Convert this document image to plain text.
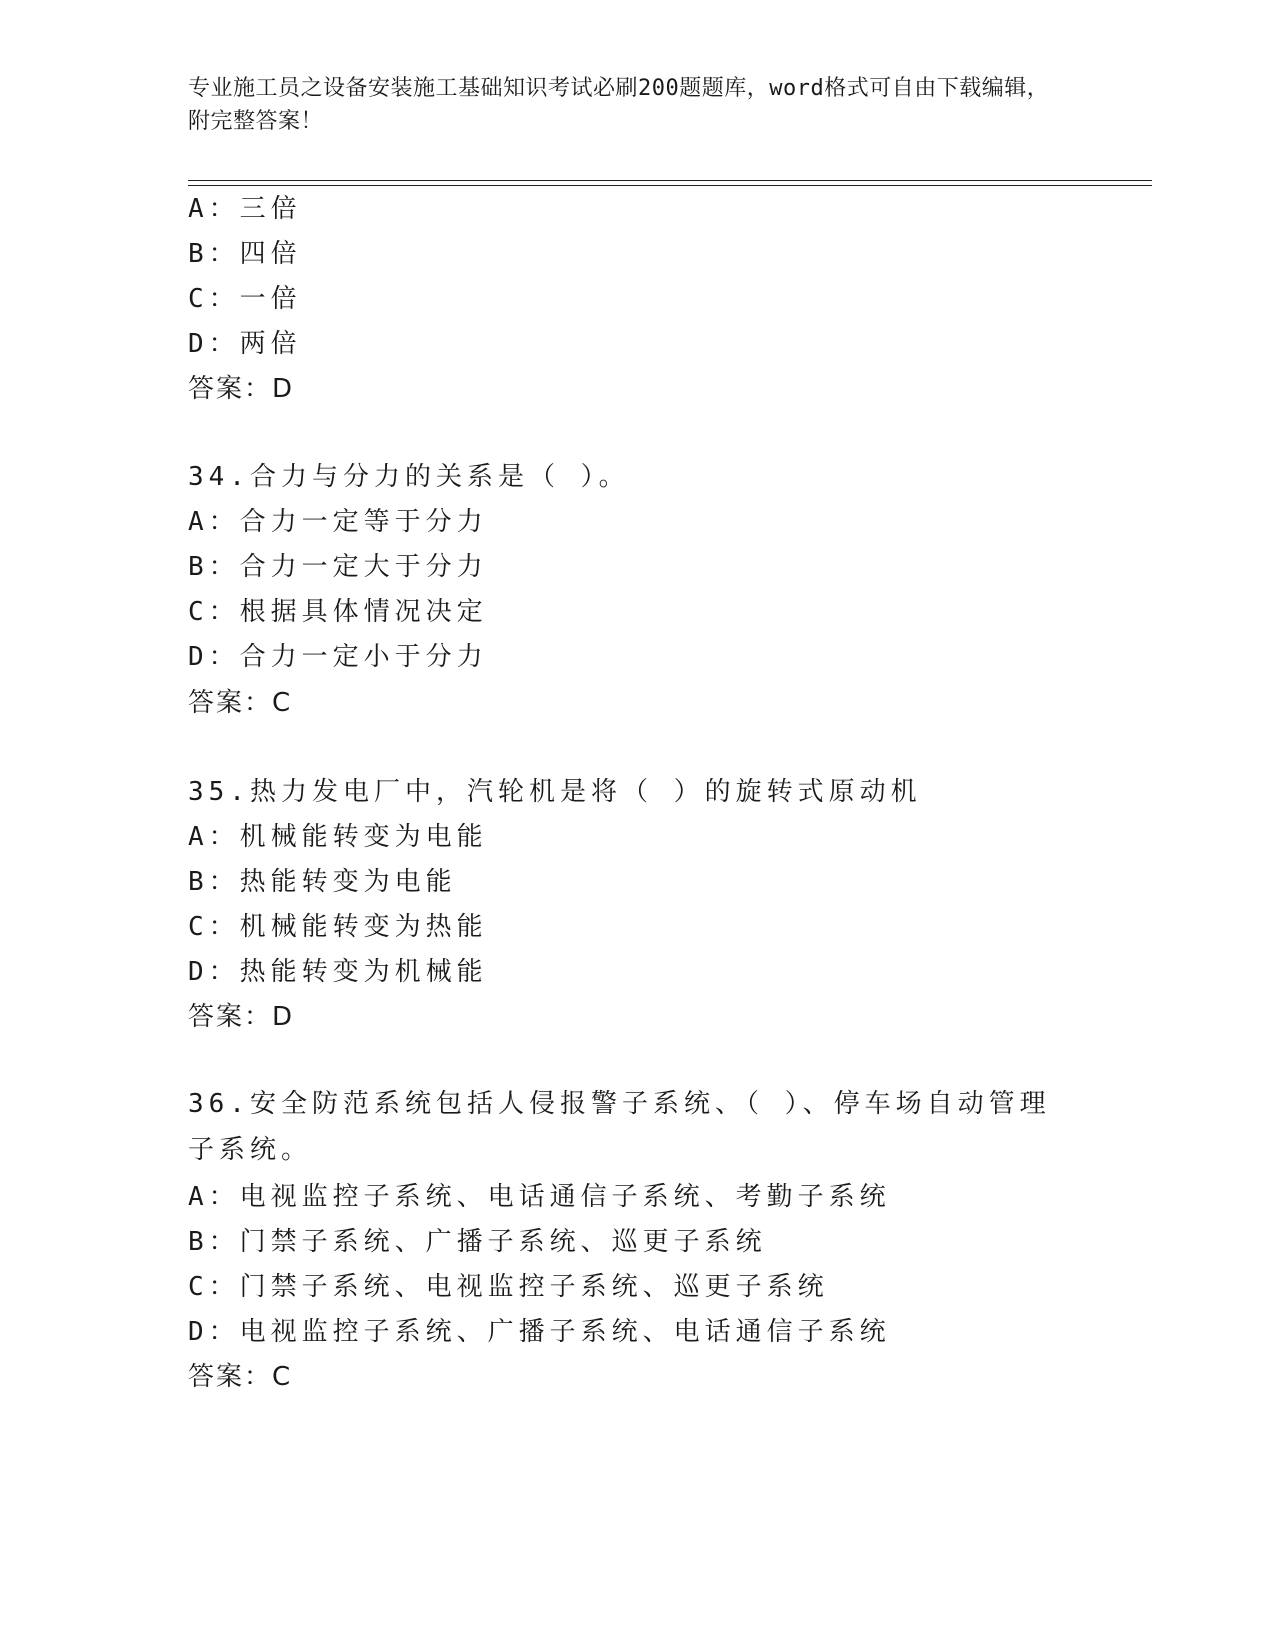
专业施工员之设备安装施工基础知识考试必刷200题题库，word格式可自由下载编辑，附完整答案！
A：三倍
B：四倍
C：一倍
D：两倍
答案：D
34.合力与分力的关系是（ ）。
A：合力一定等于分力
B：合力一定大于分力
C：根据具体情况决定
D：合力一定小于分力
答案：C
35.热力发电厂中，汽轮机是将（ ）的旋转式原动机
A：机械能转变为电能
B：热能转变为电能
C：机械能转变为热能
D：热能转变为机械能
答案：D
36.安全防范系统包括人侵报警子系统、（ ）、停车场自动管理子系统。
A：电视监控子系统、电话通信子系统、考勤子系统
B：门禁子系统、广播子系统、巡更子系统
C：门禁子系统、电视监控子系统、巡更子系统
D：电视监控子系统、广播子系统、电话通信子系统
答案：C
